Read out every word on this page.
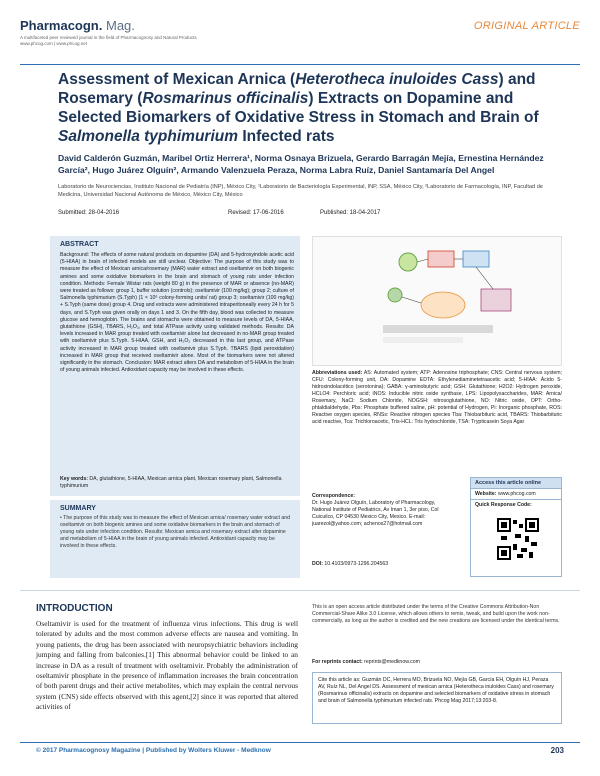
Pharmacogn. Mag.
A multifaceted peer reviewed journal in the field of Pharmacognosy and Natural Products
www.phcog.com | www.phcog.net
ORIGINAL ARTICLE
Assessment of Mexican Arnica (Heterotheca inuloides Cass) and Rosemary (Rosmarinus officinalis) Extracts on Dopamine and Selected Biomarkers of Oxidative Stress in Stomach and Brain of Salmonella typhimurium Infected rats
David Calderón Guzmán, Maribel Ortiz Herrera¹, Norma Osnaya Brizuela, Gerardo Barragán Mejía, Ernestina Hernández García², Hugo Juárez Olguín², Armando Valenzuela Peraza, Norma Labra Ruíz, Daniel Santamaría Del Angel
Laboratorio de Neurociencias, Instituto Nacional de Pediatría (INP), México City, ¹Laboratorio de Bacteriología Experimental, INP, SSA, México City, ²Laboratorio de Farmacología, INP, Facultad de Medicina, Universidad Nacional Autónoma de México, México City, México
Submitted: 28-04-2016	Revised: 17-06-2016	Published: 18-04-2017
ABSTRACT
Background: The effects of some natural products on dopamine (DA) and 5-hydroxyindole acetic acid (5-HIAA) in brain of infected models are still unclear. Objective: The purpose of this study was to measure the effect of Mexican arnica/rosemary (MAR) water extract and oseltamivir on both biogenic amines and some oxidative biomarkers in the brain and stomach of young rats under infection condition. Methods: Female Wistar rats (weight 80 g) in the presence of MAR or absence (no-MAR) were treated as follows: group 1, buffer solution (controls); oseltamivir (100 mg/kg); group 2; culture of Salmonella typhimurium (S.Typh) (1 × 10⁶ colony-forming units/ rat) group 3; oseltamivir (100 mg/kg) + S.Typh (same dose) group 4. Drug and extracts were administered intraperitoneally every 24 h for 5 days, and S.Typh was given orally on days 1 and 3. On the fifth day, blood was collected to measure glucose and hemoglobin. The brains and stomachs were obtained to measure levels of DA, 5-HIAA, glutathione (GSH), TBARS, H₂O₂, and total ATPase activity using validated methods. Results: DA levels increased in MAR group treated with oseltamivir alone but decreased in no-MAR group treated with oseltamivir plus S.Typh. 5-HIAA, GSH, and H₂O₂ decreased in this last group, and ATPase activity increased in MAR group treated with oseltamivir plus S.Typh. TBARS (lipid peroxidation) increased in MAR group that received oseltamivir alone. Most of the biomarkers were not altered significantly in the stomach. Conclusion: MAR extract alters DA and metabolism of 5-HIAA in the brain of young animals infected. Antioxidant capacity may be involved in these effects.
Key words: DA, glutathione, 5-HIAA, Mexican arnica plant, Mexican rosemary plant, Salmonella typhimurium
SUMMARY
• The purpose of this study was to measure the effect of Mexican arnica/ rosemary water extract and oseltamivir on both biogenic amines and some oxidative biomarkers in the brain and stomach of young rats under infection condition. Results: Mexican arnica and rosemary extract alter dopamine and metabolism of 5-HIAA in the brain of young animals infected. Antioxidant capacity may be involved in these effects.
Abbreviations used: AS: Automated system; ATP: Adenosine triphosphate; CNS: Central nervous system; CFU: Colony-forming unit, DA: Dopamine EDTA: Ethylenediaminetetraacetic acid; 5-HIAA: Ácido 5-hidroxindolacético (serotonina); GABA: γ-aminobutyric acid; GSH: Glutathione; H2O2: Hydrogen peroxide, HCLO4: Perchloric acid; iNOS: Inducible nitric oxide synthase, LPS: Lipopolysaccharides, MAR: Arnica/ Rosemary, NaCl: Sodium Chloride, NOGSH: nitrosoglutathione, NO: Nitric oxide, OPT: Ortho-phtaldialdehyde, Pbs: Phosphate buffered saline, pH: potential of Hydrogen, Pi: Inorganic phosphate, ROS: Reactive oxygen species, RNSs: Reactive nitrogen species Tba: Thiobarbituric acid, TBARS: Thiobarbituric acid reactive, Tca: Trichloroacetic, Tris-HCL: Tris hydrochloride, TSA: Trypticasein Soya Agar
Correspondence:
Dr. Hugo Juárez Olguín, Laboratory of Pharmacology, National Institute of Pediatrics, Av Iman 1, 3er piso, Col Cuicuilco, CP 04530 Mexico City, Mexico. E-mail: juarezol@yahoo.com; achenos27@hotmail.com
DOI: 10.4103/0973-1296.204563
Access this article online
Website: www.phcog.com
Quick Response Code:
INTRODUCTION
Oseltamivir is used for the treatment of influenza virus infections. This drug is well tolerated by adults and the most common adverse effects are nausea and vomiting. In young patients, the drug has been associated with neuropsychiatric behaviors including jumping and falling from balconies.[1] This abnormal behavior could be linked to an increase in DA as a result of treatment with oseltamivir. Probably the administration of oseltamivir phosphate in the presence of inflammation increases the brain concentration of both parent drugs and their active metabolites, which may explain the central nervous system (CNS) side effects observed with this agent,[2] since it was reported that altered activities of
This is an open access article distributed under the terms of the Creative Commons Attribution-Non Commercial-Share Alike 3.0 License, which allows others to remix, tweak, and build upon the work non-commercially, as long as the author is credited and the new creations are licensed under the identical terms.
For reprints contact: reprints@medknow.com
Cite this article as: Guzmán DC, Herrera MO, Brizuela NO, Mejía GB, García EH, Olguín HJ, Peraza AV, Ruíz NL, Del Angel DS. Assessment of mexican arnica (Heterotheca inuloides Cass) and rosemary (Rosmarinus officinalis) extracts on dopamine and selected biomarkers of oxidative stress in stomach and brain of Salmonella typhimurium infected rats. Phcog Mag 2017;13:203-8.
© 2017 Pharmacognosy Magazine | Published by Wolters Kluwer - Medknow	203
